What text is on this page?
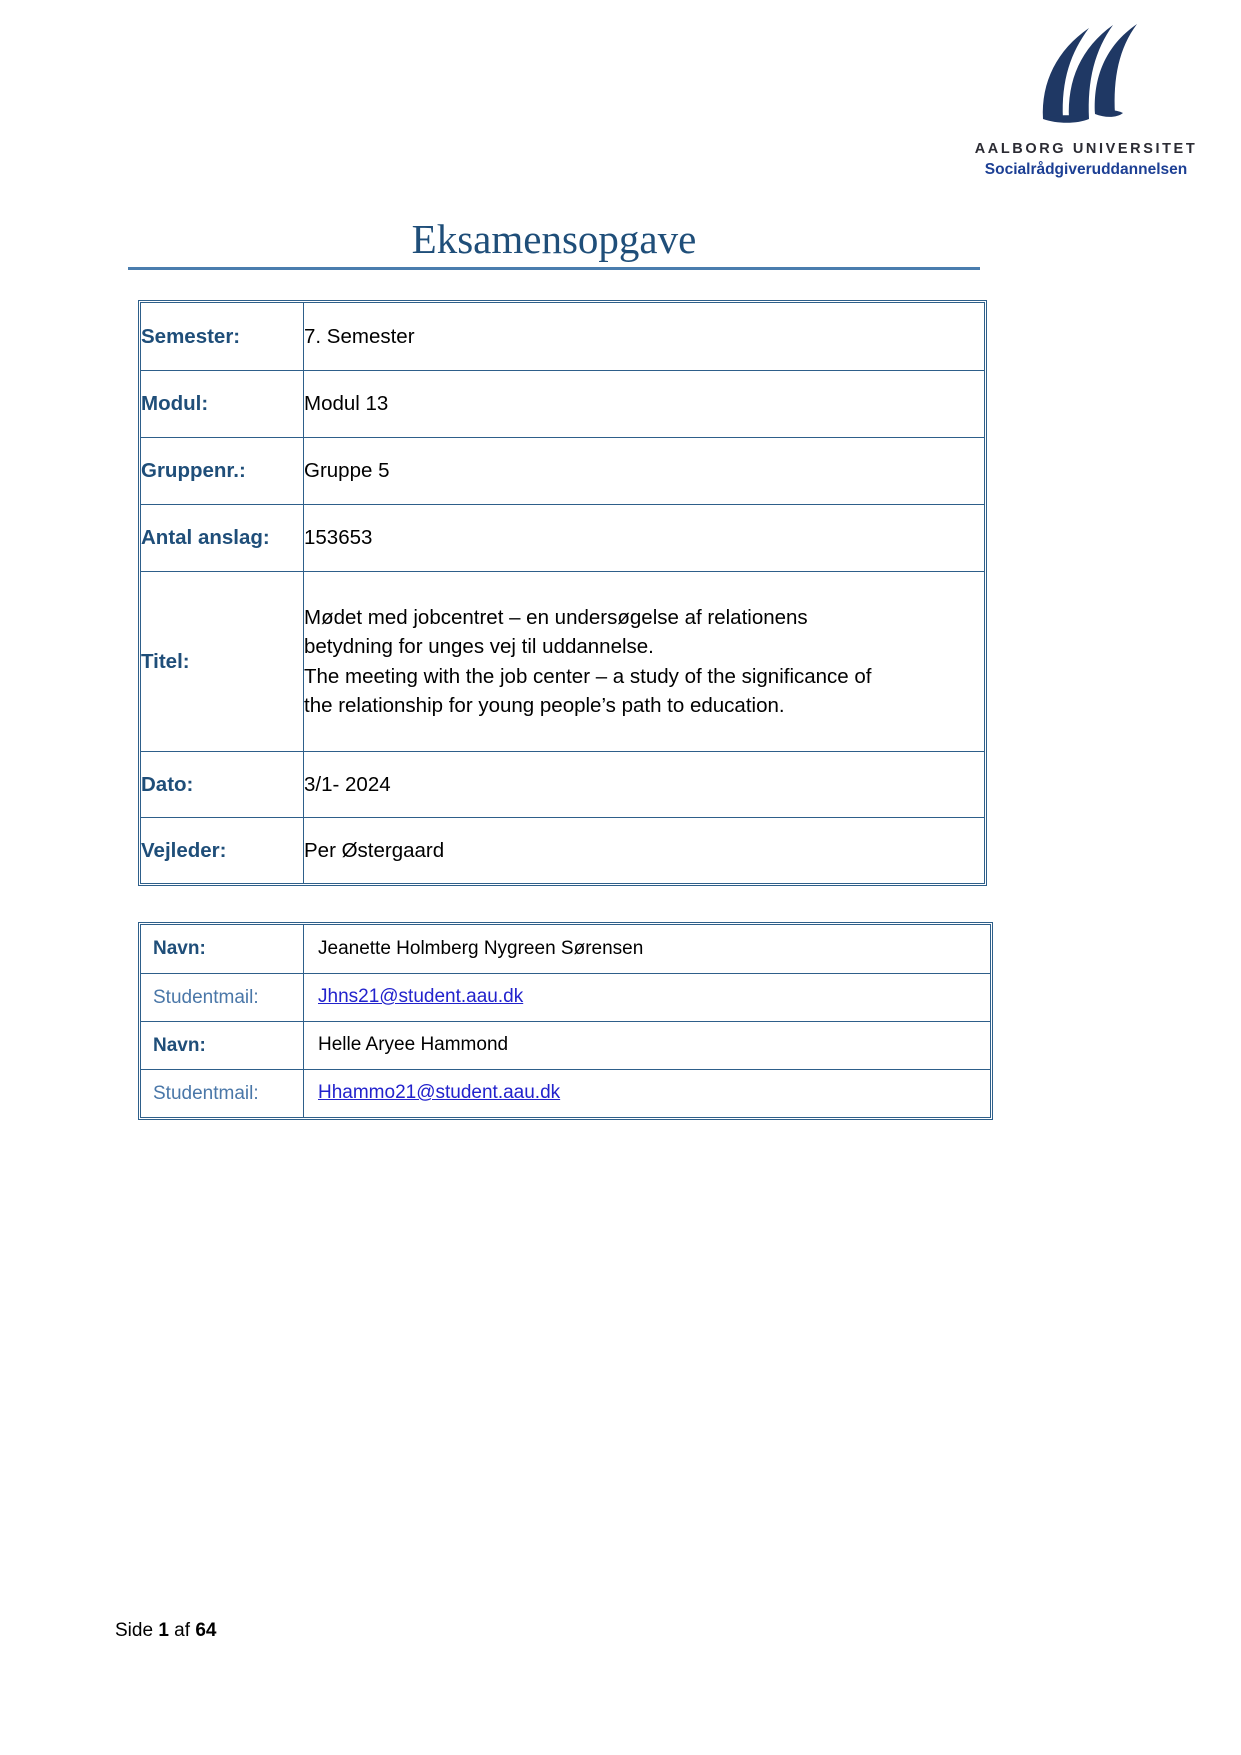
AALBORG UNIVERSITET
Socialrådgiveruddannelsen
Eksamensopgave
Semester:	7. Semester
Modul:	Modul 13
Gruppenr.:	Gruppe 5
Antal anslag:	153653
Titel:	Mødet med jobcentret – en undersøgelse af relationens
betydning for unges vej til uddannelse.
The meeting with the job center – a study of the significance of
the relationship for young people’s path to education.

Dato:	3/1- 2024
Vejleder:	Per Østergaard
Navn:	Jeanette Holmberg Nygreen Sørensen
Studentmail:	Jhns21@student.aau.dk
Navn:	Helle Aryee Hammond
Studentmail:	Hhammo21@student.aau.dk
Side 1 af 64
